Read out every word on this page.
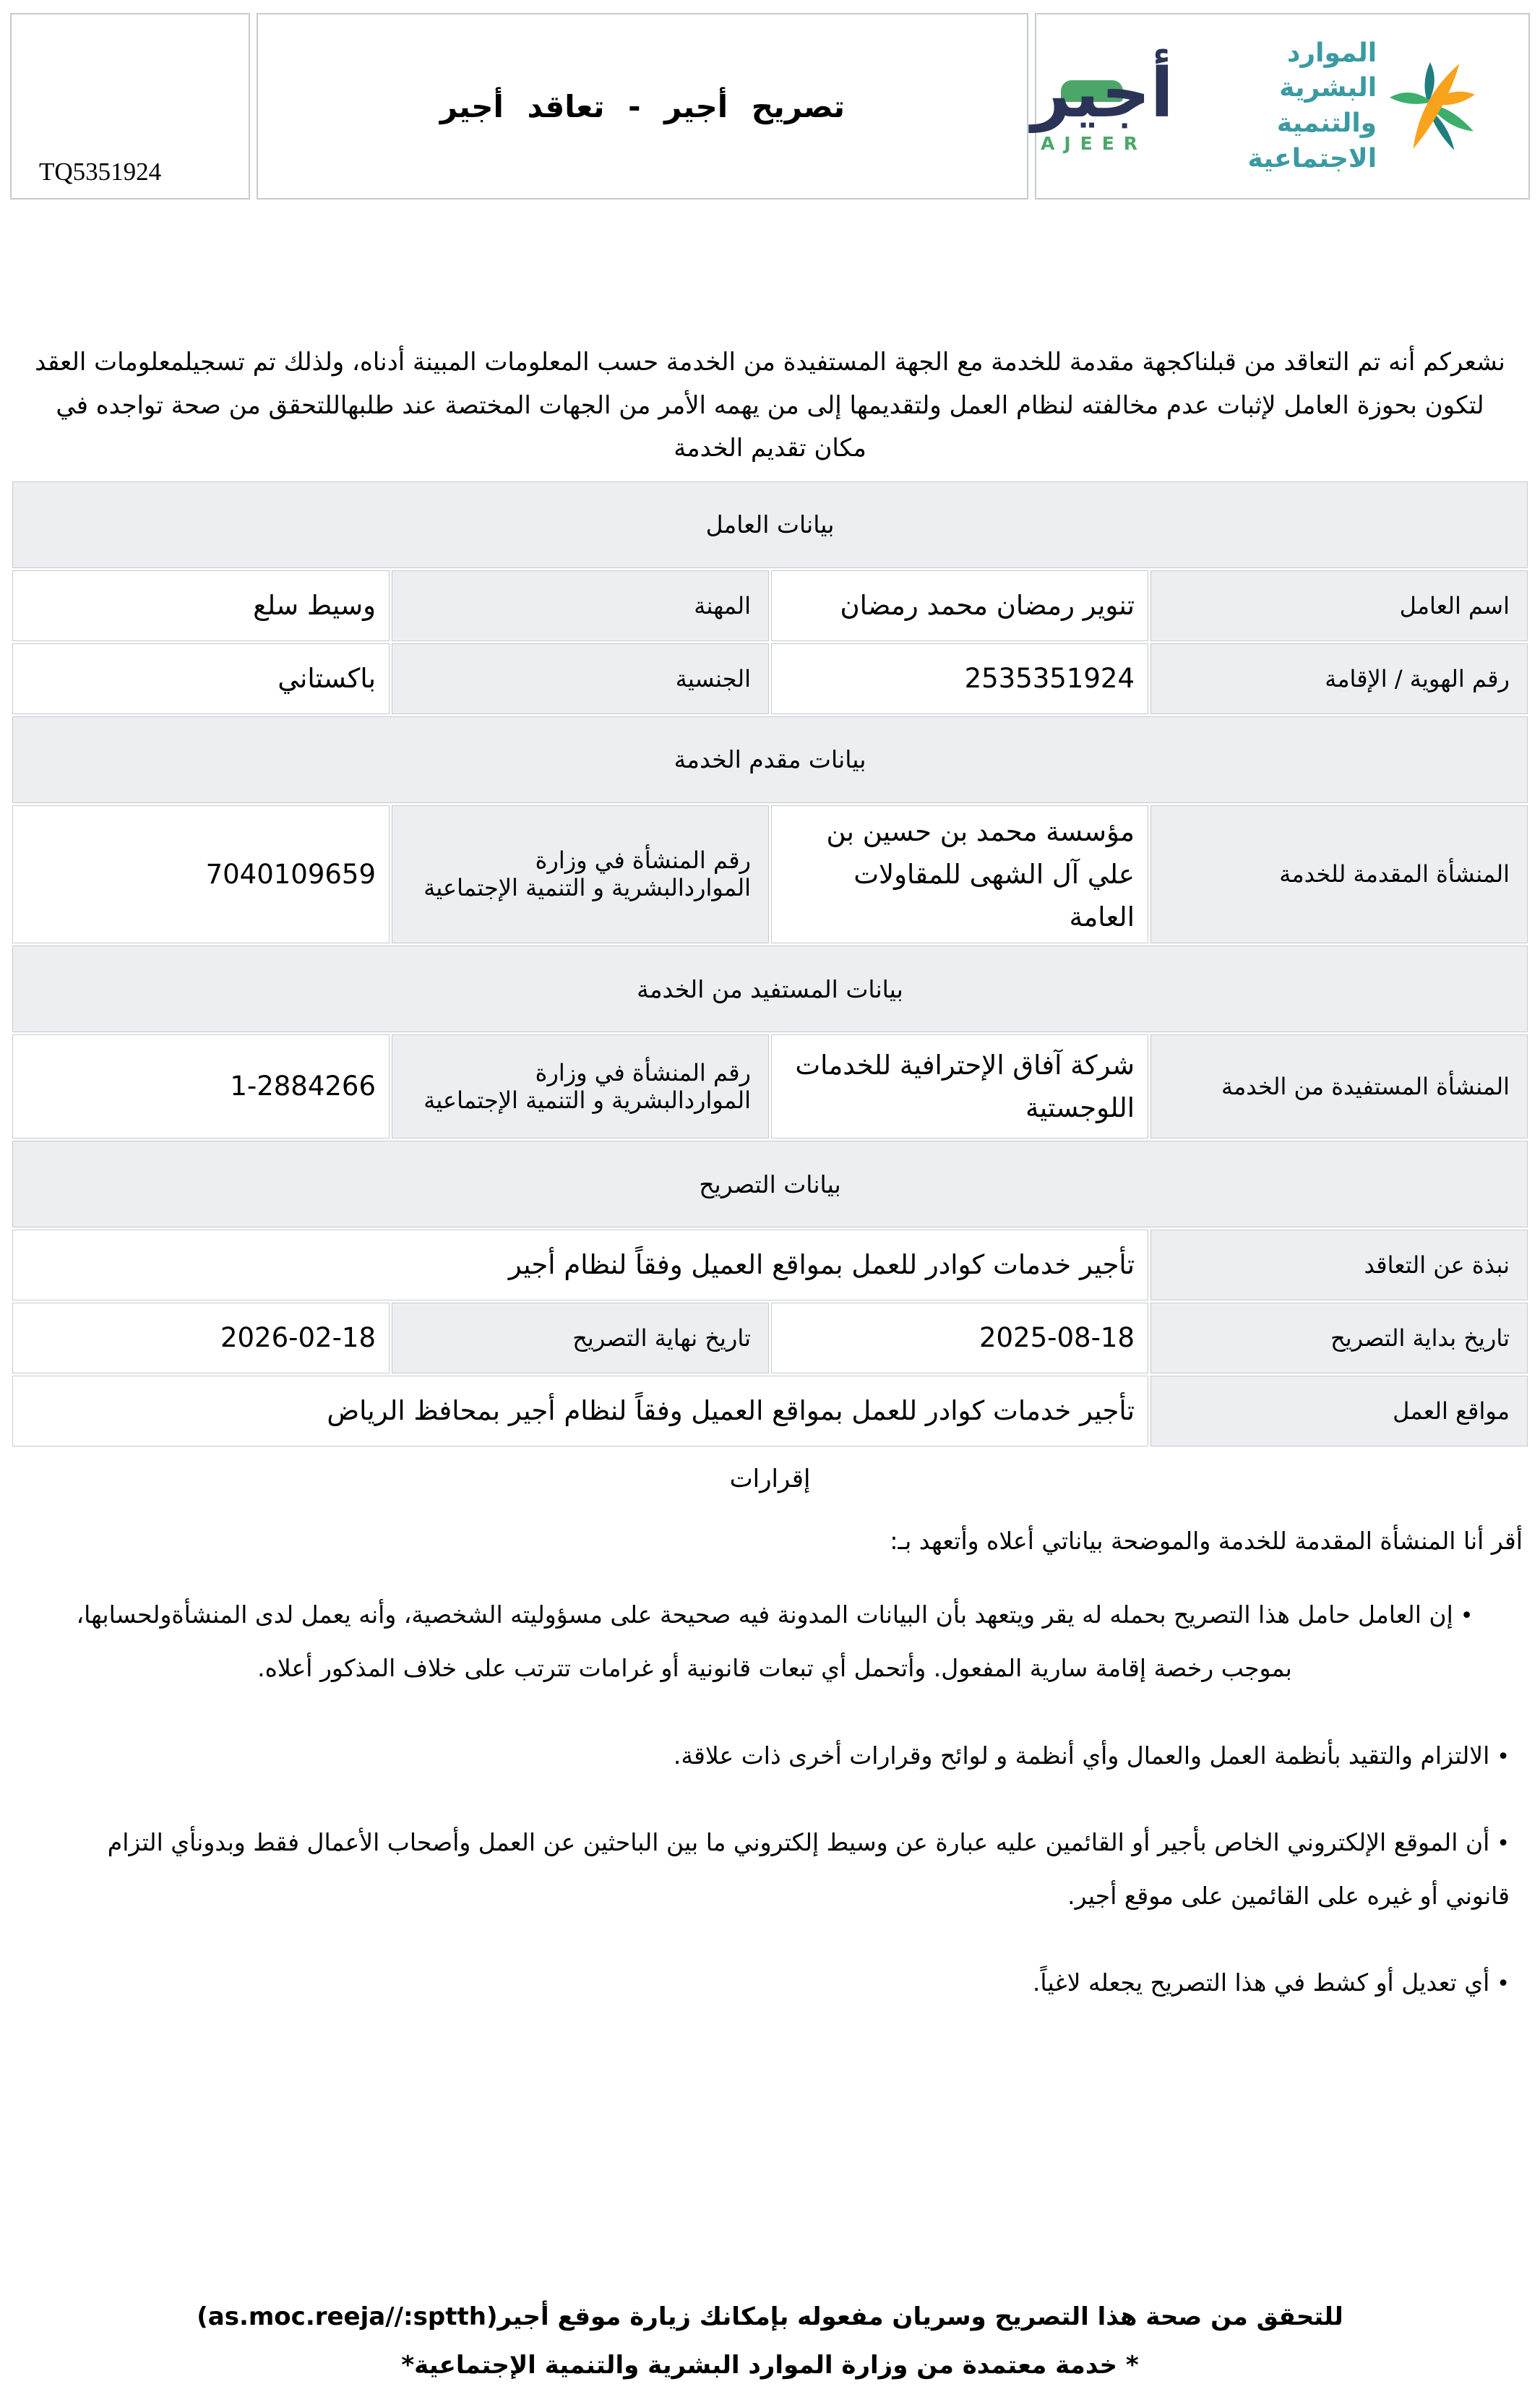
TQ5351924
تصريح أجير - تعاقد أجير	أجير
AJEER
الموارد البشرية
والتنمية الاجتماعية

نشعركم أنه تم التعاقد من قبلناكجهة مقدمة للخدمة مع الجهة المستفيدة من الخدمة حسب المعلومات المبينة أدناه، ولذلك تم تسجيلمعلومات العقد لتكون بحوزة العامل لإثبات عدم مخالفته لنظام العمل ولتقديمها إلى من يهمه الأمر من الجهات المختصة عند طلبهاللتحقق من صحة تواجده في مكان تقديم الخدمة

بيانات العامل			
اسم العامل	تنوير رمضان محمد رمضان	المهنة	وسيط سلع
رقم الهوية / الإقامة	2535351924	الجنسية	باكستاني
بيانات مقدم الخدمة			
المنشأة المقدمة للخدمة	مؤسسة محمد بن حسين بن علي آل الشهى للمقاولات العامة	رقم المنشأة في وزارة المواردالبشرية و التنمية الإجتماعية	7040109659
بيانات المستفيد من الخدمة			
المنشأة المستفيدة من الخدمة	شركة آفاق الإحترافية للخدمات اللوجستية	رقم المنشأة في وزارة المواردالبشرية و التنمية الإجتماعية	1-2884266
بيانات التصريح			
نبذة عن التعاقد	تأجير خدمات كوادر للعمل بمواقع العميل وفقاً لنظام أجير		
تاريخ بداية التصريح	2025-08-18	تاريخ نهاية التصريح	2026-02-18
مواقع العمل	تأجير خدمات كوادر للعمل بمواقع العميل وفقاً لنظام أجير بمحافظ الرياض		
إقرارات
أقر أنا المنشأة المقدمة للخدمة والموضحة بياناتي أعلاه وأتعهد بـ:
•إن العامل حامل هذا التصريح بحمله له يقر ويتعهد بأن البيانات المدونة فيه صحيحة على مسؤوليته الشخصية، وأنه يعمل لدى المنشأةولحسابها، بموجب رخصة إقامة سارية المفعول. وأتحمل أي تبعات قانونية أو غرامات تترتب على خلاف المذكور أعلاه.
•الالتزام والتقيد بأنظمة العمل والعمال وأي أنظمة و لوائح وقرارات أخرى ذات علاقة.
•أن الموقع الإلكتروني الخاص بأجير أو القائمين عليه عبارة عن وسيط إلكتروني ما بين الباحثين عن العمل وأصحاب الأعمال فقط وبدونأي التزام قانوني أو غيره على القائمين على موقع أجير.
•أي تعديل أو كشط في هذا التصريح يجعله لاغياً.
للتحقق من صحة هذا التصريح وسريان مفعوله بإمكانك زيارة موقع أجير(as.moc.reeja//:sptth)
* خدمة معتمدة من وزارة الموارد البشرية والتنمية الإجتماعية*
